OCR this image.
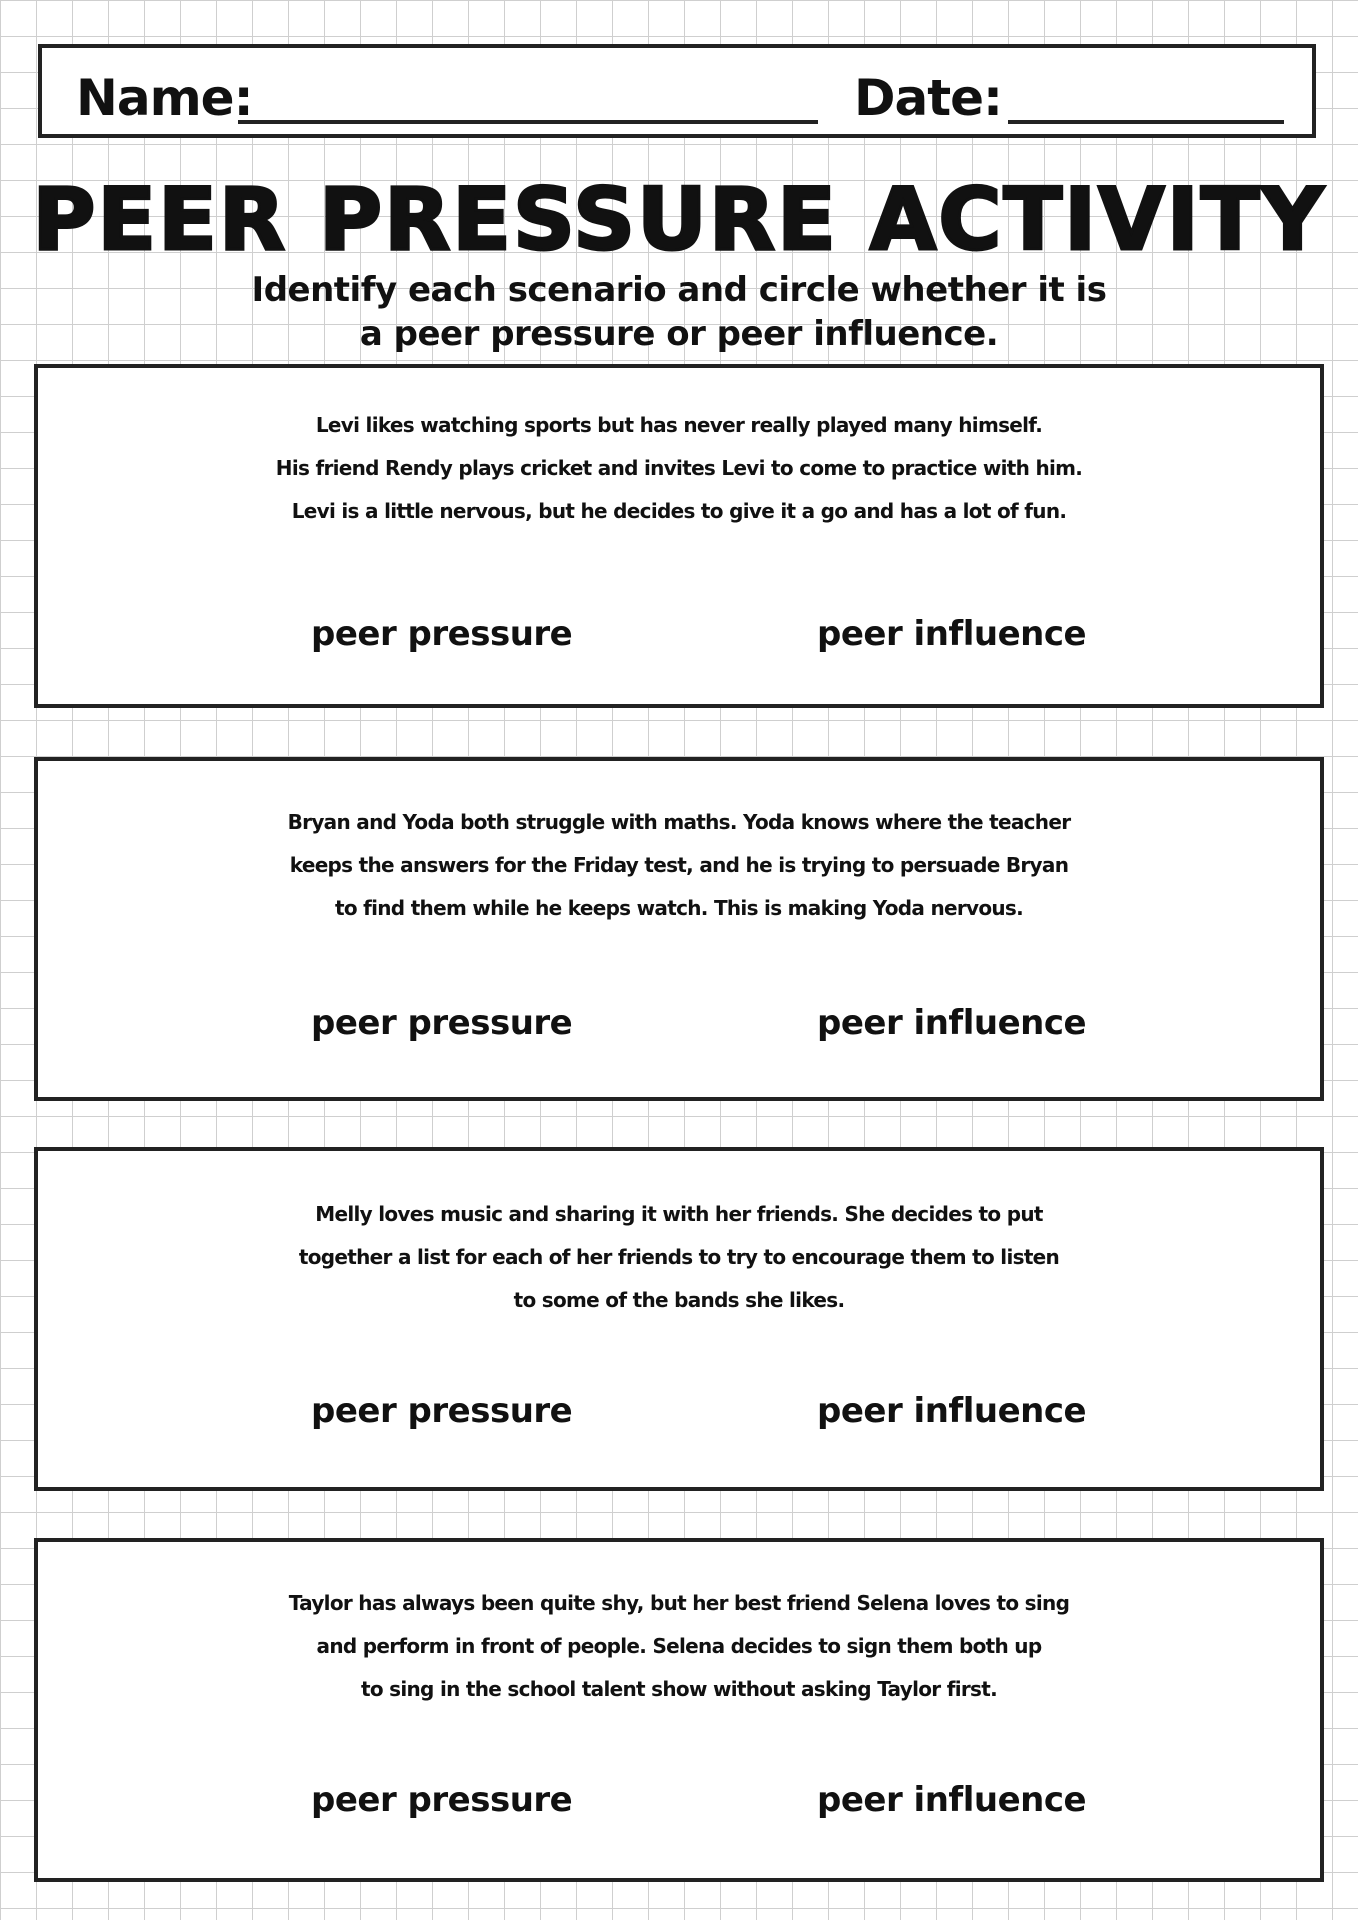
Name:	Date:
PEER PRESSURE ACTIVITY
Identify each scenario and circle whether it is
a peer pressure or peer influence.
Levi likes watching sports but has never really played many himself.
His friend Rendy plays cricket and invites Levi to come to practice with him.
Levi is a little nervous, but he decides to give it a go and has a lot of fun.
peer pressure	peer influence
Bryan and Yoda both struggle with maths. Yoda knows where the teacher
keeps the answers for the Friday test, and he is trying to persuade Bryan
to find them while he keeps watch. This is making Yoda nervous.
peer pressure	peer influence
Melly loves music and sharing it with her friends. She decides to put
together a list for each of her friends to try to encourage them to listen
to some of the bands she likes.
peer pressure	peer influence
Taylor has always been quite shy, but her best friend Selena loves to sing
and perform in front of people. Selena decides to sign them both up
to sing in the school talent show without asking Taylor first.
peer pressure	peer influence
